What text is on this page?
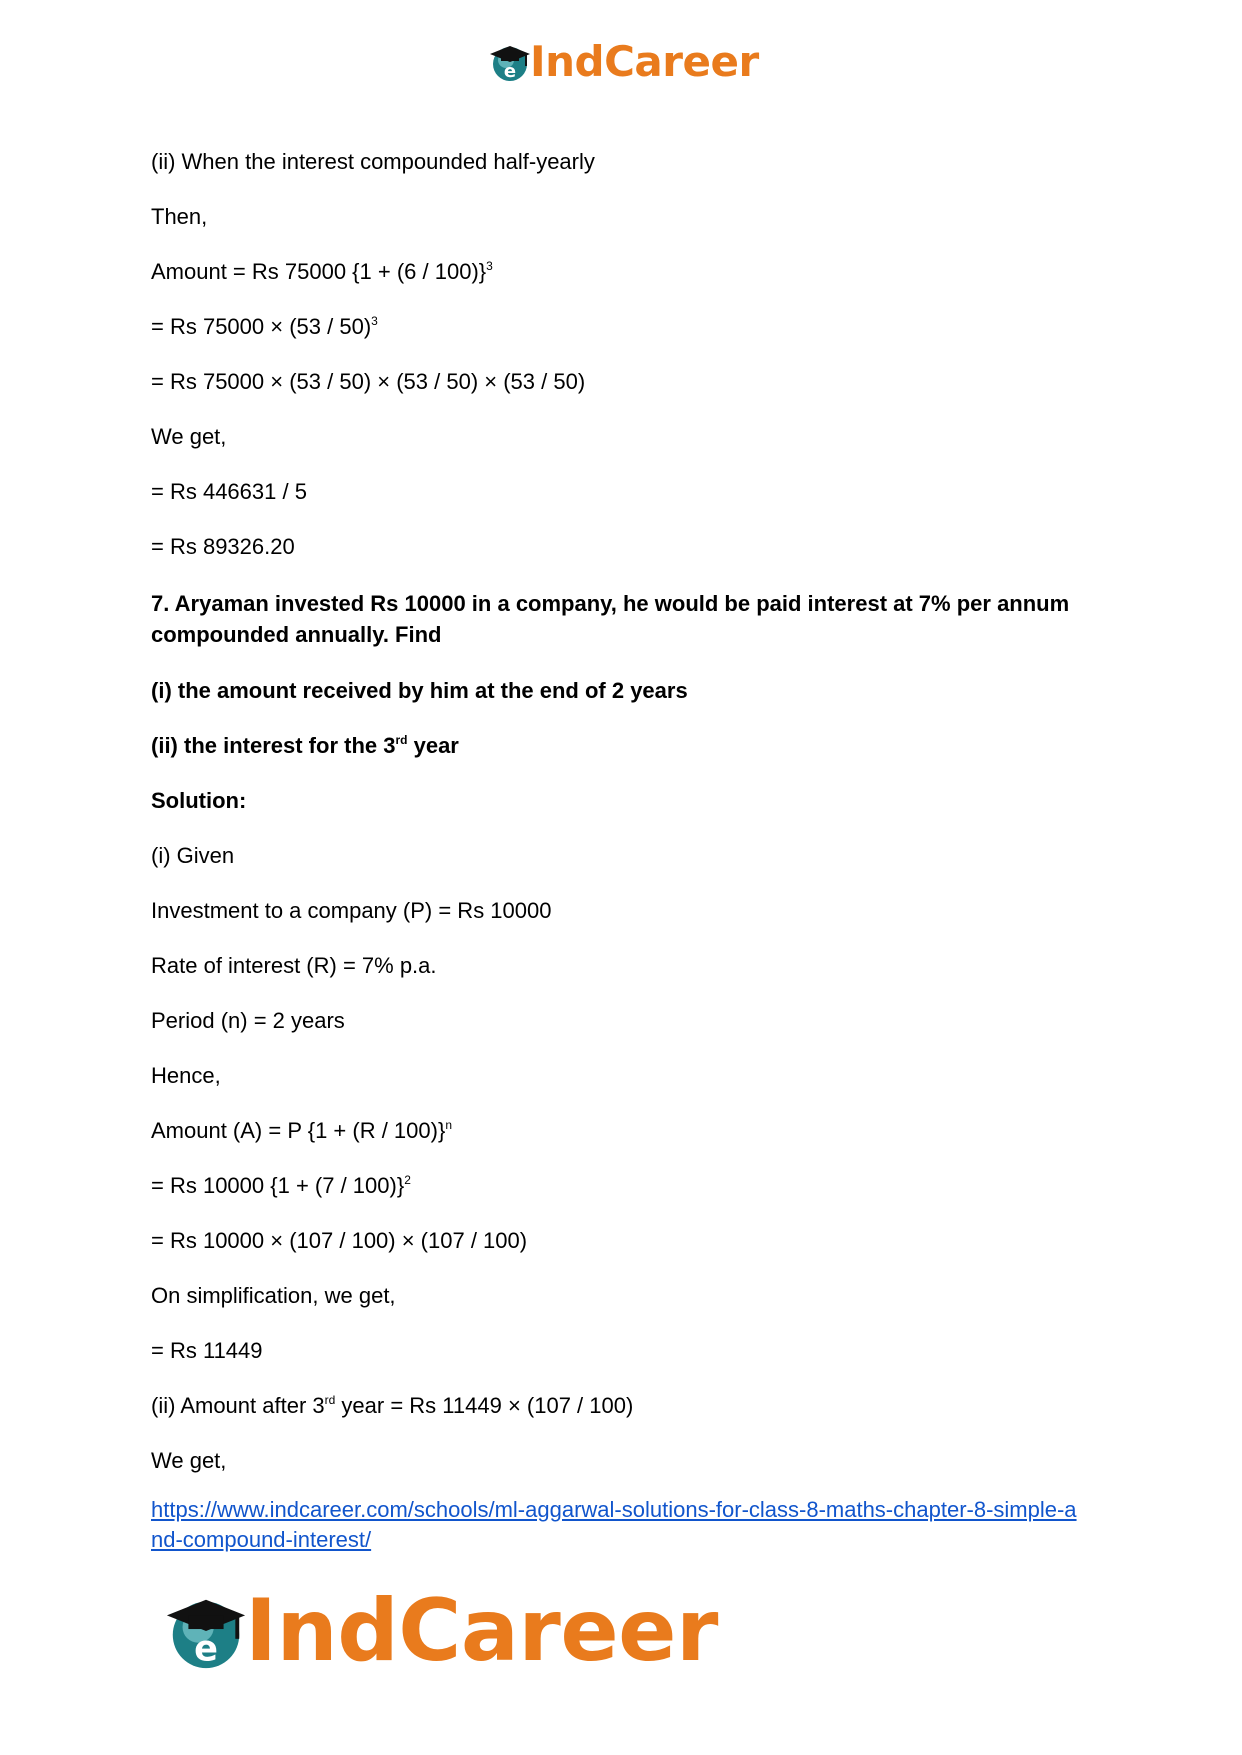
e IndCareer

(ii) When the interest compounded half-yearly

Then,

Amount = Rs 75000 $\{1 + (6 / 100)\}^3$

= Rs 75000 × (53 / 50)$^3$

= Rs 75000 × (53 / 50) × (53 / 50) × (53 / 50)

We get,

= Rs 446631 / 5

= Rs 89326.20

7. Aryaman invested Rs 10000 in a company, he would be paid interest at 7% per annum compounded annually. Find

(i) the amount received by him at the end of 2 years

(ii) the interest for the 3rd year

Solution:

(i) Given

Investment to a company (P) = Rs 10000

Rate of interest (R) = 7% p.a.

Period (n) = 2 years

Hence,

Amount (A) = P $\{1 + (R / 100)\}^n$

= Rs 10000 $\{1 + (7 / 100)\}^2$

= Rs 10000 × (107 / 100) × (107 / 100)

On simplification, we get,

= Rs 11449

(ii) Amount after 3rd year = Rs 11449 × (107 / 100)

We get,

https://www.indcareer.com/schools/ml-aggarwal-solutions-for-class-8-maths-chapter-8-simple-and-compound-interest/
e IndCareer
